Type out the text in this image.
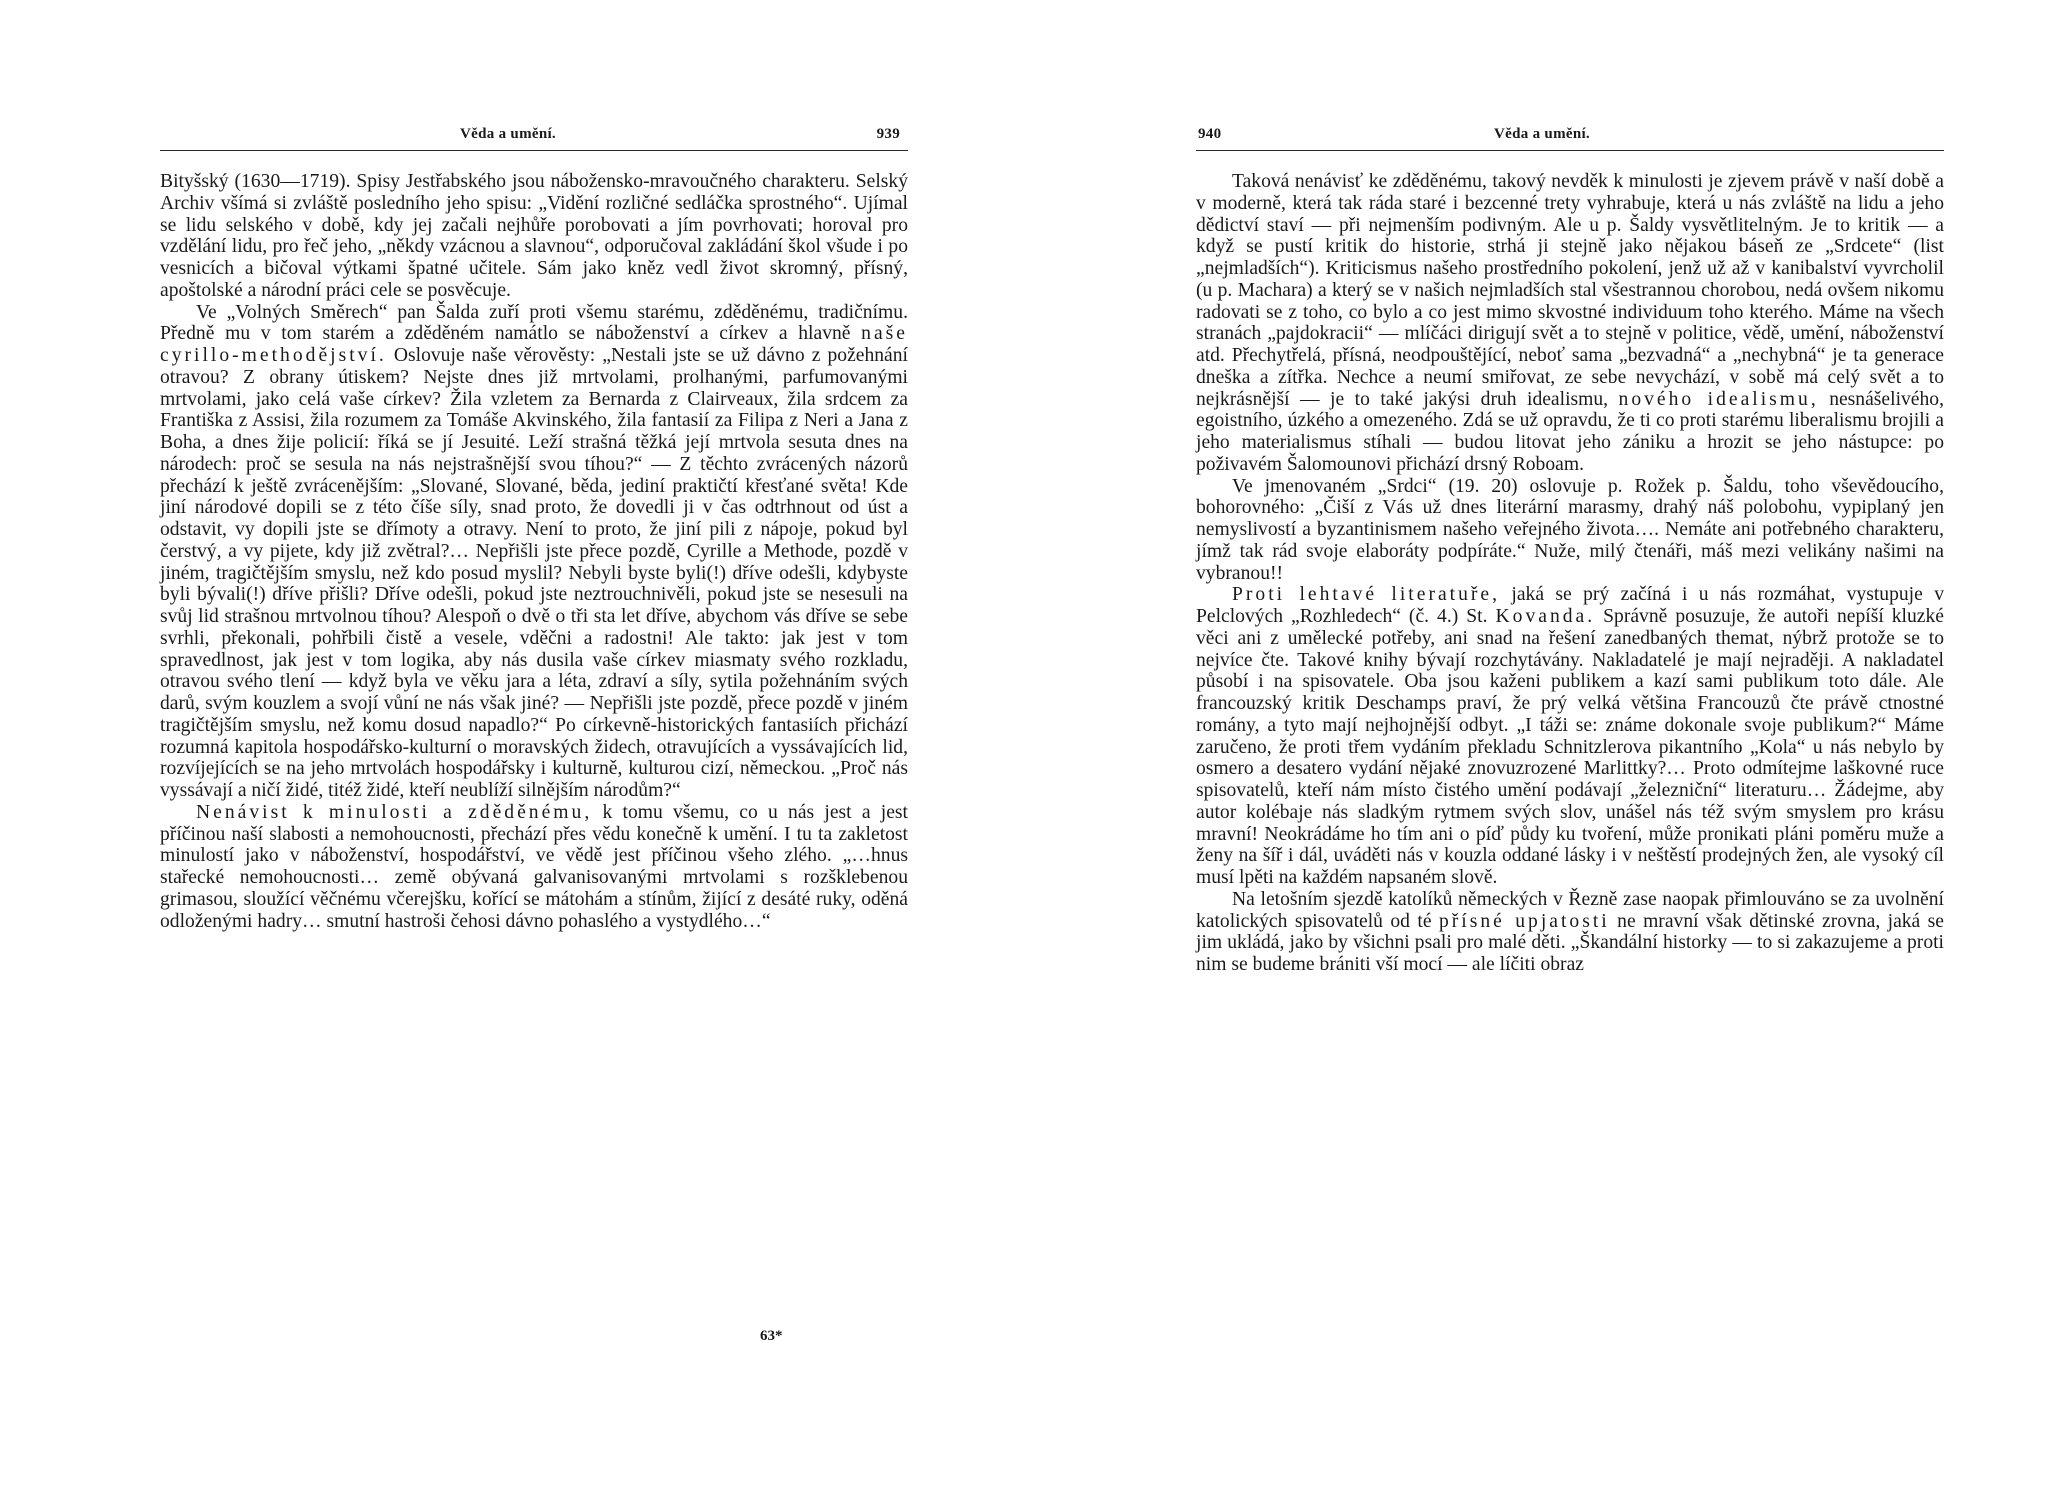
Věda a umění.	939

Bityšský (1630—1719). Spisy Jestřabského jsou nábožensko-mravoučného charakteru. Selský Archiv všímá si zvláště posledního jeho spisu: „Vidění rozličné sedláčka sprostného“. Ujímal se lidu selského v době, kdy jej začali nejhůře porobovati a jím povrhovati; horoval pro vzdělání lidu, pro řeč jeho, „někdy vzácnou a slavnou“, odporučoval zakládání škol všude i po vesnicích a bičoval výtkami špatné učitele. Sám jako kněz vedl život skromný, přísný, apoštolské a národní práci cele se posvěcuje.

Ve „Volných Směrech“ pan Šalda zuří proti všemu starému, zděděnému, tradičnímu. Předně mu v tom starém a zděděném namátlo se náboženství a církev a hlavně naše cyrillo-methodějství. Oslovuje naše věrověsty: „Nestali jste se už dávno z požehnání otravou? Z obrany útiskem? Nejste dnes již mrtvolami, prolhanými, parfumovanými mrtvolami, jako celá vaše církev? Žila vzletem za Bernarda z Clairveaux, žila srdcem za Františka z Assisi, žila rozumem za Tomáše Akvinského, žila fantasií za Filipa z Neri a Jana z Boha, a dnes žije policií: říká se jí Jesuité. Leží strašná těžká její mrtvola sesuta dnes na národech: proč se sesula na nás nejstrašnější svou tíhou?“ — Z těchto zvrácených názorů přechází k ještě zvrácenějším: „Slované, Slované, běda, jediní praktičtí křesťané světa! Kde jiní národové dopili se z této číše síly, snad proto, že dovedli ji v čas odtrhnout od úst a odstavit, vy dopili jste se dřímoty a otravy. Není to proto, že jiní pili z nápoje, pokud byl čerstvý, a vy pijete, kdy již zvětral?… Nepřišli jste přece pozdě, Cyrille a Methode, pozdě v jiném, tragičtějším smyslu, než kdo posud myslil? Nebyli byste byli(!) dříve odešli, kdybyste byli bývali(!) dříve přišli? Dříve odešli, pokud jste neztrouchnivěli, pokud jste se nesesuli na svůj lid strašnou mrtvolnou tíhou? Alespoň o dvě o tři sta let dříve, abychom vás dříve se sebe svrhli, překonali, pohřbili čistě a vesele, vděčni a radostni! Ale takto: jak jest v tom spravedlnost, jak jest v tom logika, aby nás dusila vaše církev miasmaty svého rozkladu, otravou svého tlení — když byla ve věku jara a léta, zdraví a síly, sytila požehnáním svých darů, svým kouzlem a svojí vůní ne nás však jiné? — Nepřišli jste pozdě, přece pozdě v jiném tragičtějším smyslu, než komu dosud napadlo?“ Po církevně-historických fantasiích přichází rozumná kapitola hospodářsko-kulturní o moravských židech, otravujících a vyssávajících lid, rozvíjejících se na jeho mrtvolách hospodářsky i kulturně, kulturou cizí, německou. „Proč nás vyssávají a ničí židé, titéž židé, kteří neublíží silnějším národům?“

Nenávist k minulosti a zděděnému, k tomu všemu, co u nás jest a jest příčinou naší slabosti a nemohoucnosti, přechází přes vědu konečně k umění. I tu ta zakletost minulostí jako v náboženství, hospodářství, ve vědě jest příčinou všeho zlého. „…hnus stařecké nemohoucnosti… země obývaná galvanisovanými mrtvolami s rozšklebenou grimasou, sloužící věčnému včerejšku, kořící se mátohám a stínům, žijící z desáté ruky, oděná odloženými hadry… smutní hastroši čehosi dávno pohaslého a vystydlého…“

63*
940	Věda a umění.

Taková nenávisť ke zděděnému, takový nevděk k minulosti je zjevem právě v naší době a v moderně, která tak ráda staré i bezcenné trety vyhrabuje, která u nás zvláště na lidu a jeho dědictví staví — při nejmenším podivným. Ale u p. Šaldy vysvětlitelným. Je to kritik — a když se pustí kritik do historie, strhá ji stejně jako nějakou báseň ze „Srdcete“ (list „nejmladších“). Kriticismus našeho prostředního pokolení, jenž už až v kanibalství vyvrcholil (u p. Machara) a který se v našich nejmladších stal všestrannou chorobou, nedá ovšem nikomu radovati se z toho, co bylo a co jest mimo skvostné individuum toho kterého. Máme na všech stranách „pajdokracii“ — mlíčáci dirigují svět a to stejně v politice, vědě, umění, náboženství atd. Přechytřelá, přísná, neodpouštějící, neboť sama „bezvadná“ a „nechybná“ je ta generace dneška a zítřka. Nechce a neumí smiřovat, ze sebe nevychází, v sobě má celý svět a to nejkrásnější — je to také jakýsi druh idealismu, nového idealismu, nesnášelivého, egoistního, úzkého a omezeného. Zdá se už opravdu, že ti co proti starému liberalismu brojili a jeho materialismus stíhali — budou litovat jeho zániku a hrozit se jeho nástupce: po poživavém Šalomounovi přichází drsný Roboam.

Ve jmenovaném „Srdci“ (19. 20) oslovuje p. Rožek p. Šaldu, toho vševědoucího, bohorovného: „Čiší z Vás už dnes literární marasmy, drahý náš polobohu, vypiplaný jen nemyslivostí a byzantinismem našeho veřejného života…. Nemáte ani potřebného charakteru, jímž tak rád svoje elaboráty podpíráte.“ Nuže, milý čtenáři, máš mezi velikány našimi na vybranou!!

Proti lehtavé literatuře, jaká se prý začíná i u nás rozmáhat, vystupuje v Pelclových „Rozhledech“ (č. 4.) St. Kovanda. Správně posuzuje, že autoři nepíší kluzké věci ani z umělecké potřeby, ani snad na řešení zanedbaných themat, nýbrž protože se to nejvíce čte. Takové knihy bývají rozchytávány. Nakladatelé je mají nejraději. A nakladatel působí i na spisovatele. Oba jsou kaženi publikem a kazí sami publikum toto dále. Ale francouzský kritik Deschamps praví, že prý velká většina Francouzů čte právě ctnostné romány, a tyto mají nejhojnější odbyt. „I táži se: známe dokonale svoje publikum?“ Máme zaručeno, že proti třem vydáním překladu Schnitzlerova pikantního „Kola“ u nás nebylo by osmero a desatero vydání nějaké znovuzrozené Marlittky?… Proto odmítejme laškovné ruce spisovatelů, kteří nám místo čistého umění podávají „železniční“ literaturu… Žádejme, aby autor kolébaje nás sladkým rytmem svých slov, unášel nás též svým smyslem pro krásu mravní! Neokrádáme ho tím ani o píď půdy ku tvoření, může pronikati pláni poměru muže a ženy na šíř i dál, uváděti nás v kouzla oddané lásky i v neštěstí prodejných žen, ale vysoký cíl musí lpěti na každém napsaném slově.

Na letošním sjezdě katolíků německých v Řezně zase naopak přimlouváno se za uvolnění katolických spisovatelů od té přísné upjatosti ne mravní však dětinské zrovna, jaká se jim ukládá, jako by všichni psali pro malé děti. „Škandální historky — to si zakazujeme a proti nim se budeme brániti vší mocí — ale líčiti obraz
